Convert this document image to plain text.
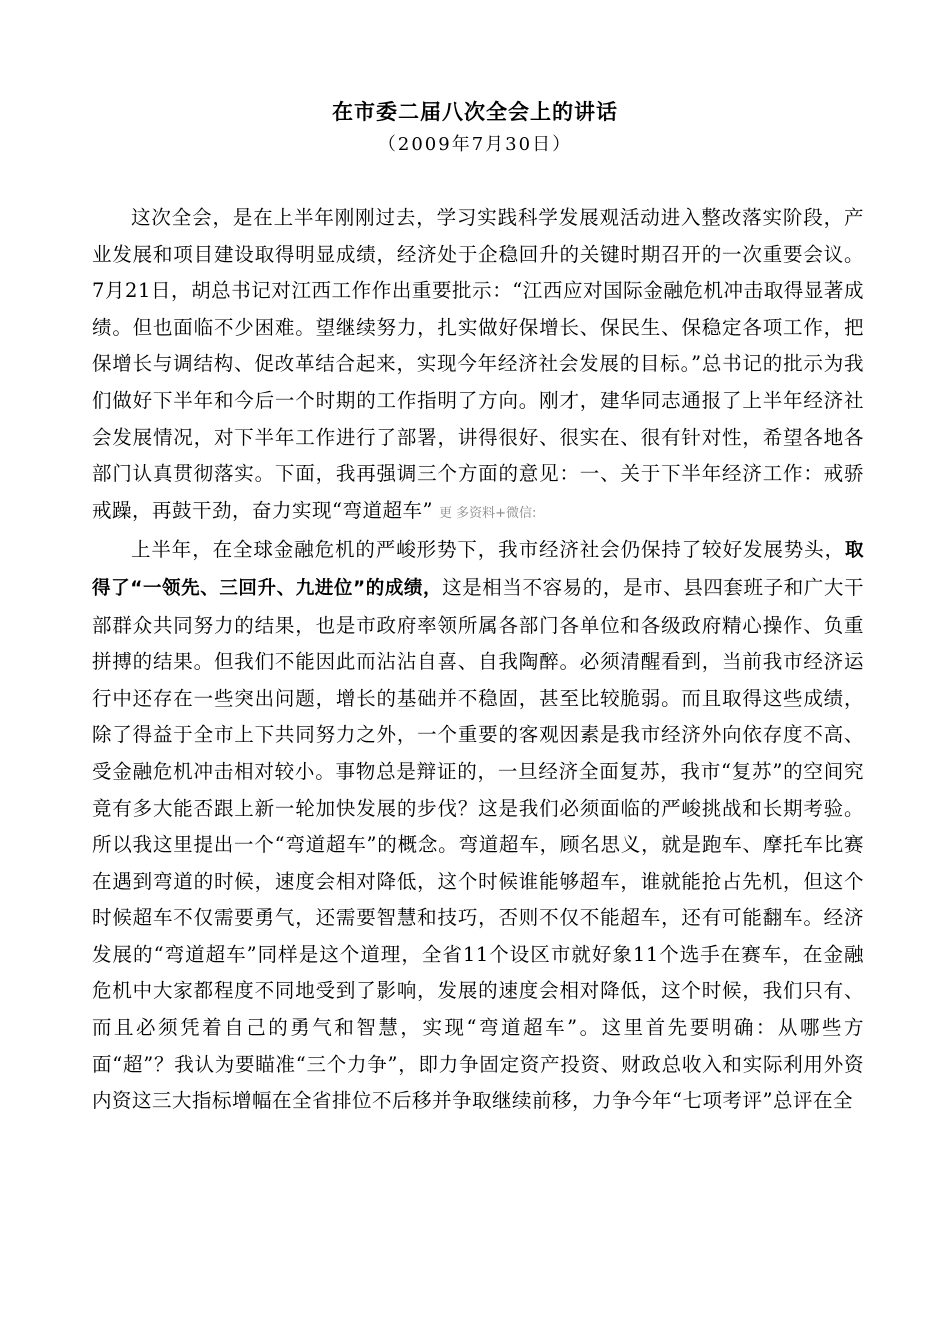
在市委二届八次全会上的讲话

（2009年7月30日）

这次全会，是在上半年刚刚过去，学习实践科学发展观活动进入整改落实阶段，产业发展和项目建设取得明显成绩，经济处于企稳回升的关键时期召开的一次重要会议。7月21日，胡总书记对江西工作作出重要批示：“江西应对国际金融危机冲击取得显著成绩。但也面临不少困难。望继续努力，扎实做好保增长、保民生、保稳定各项工作，把保增长与调结构、促改革结合起来，实现今年经济社会发展的目标。”总书记的批示为我们做好下半年和今后一个时期的工作指明了方向。刚才，建华同志通报了上半年经济社会发展情况，对下半年工作进行了部署，讲得很好、很实在、很有针对性，希望各地各部门认真贯彻落实。下面，我再强调三个方面的意见：一、关于下半年经济工作：戒骄戒躁，再鼓干劲，奋力实现“弯道超车” 更 多资料+微信:

上半年，在全球金融危机的严峻形势下，我市经济社会仍保持了较好发展势头，取得了“一领先、三回升、九进位”的成绩，这是相当不容易的，是市、县四套班子和广大干部群众共同努力的结果，也是市政府率领所属各部门各单位和各级政府精心操作、负重拼搏的结果。但我们不能因此而沾沾自喜、自我陶醉。必须清醒看到，当前我市经济运行中还存在一些突出问题，增长的基础并不稳固，甚至比较脆弱。而且取得这些成绩，除了得益于全市上下共同努力之外，一个重要的客观因素是我市经济外向依存度不高、受金融危机冲击相对较小。事物总是辩证的，一旦经济全面复苏，我市“复苏”的空间究竟有多大能否跟上新一轮加快发展的步伐？这是我们必须面临的严峻挑战和长期考验。所以我这里提出一个“弯道超车”的概念。弯道超车，顾名思义，就是跑车、摩托车比赛在遇到弯道的时候，速度会相对降低，这个时候谁能够超车，谁就能抢占先机，但这个时候超车不仅需要勇气，还需要智慧和技巧，否则不仅不能超车，还有可能翻车。经济发展的“弯道超车”同样是这个道理，全省11个设区市就好象11个选手在赛车，在金融危机中大家都程度不同地受到了影响，发展的速度会相对降低，这个时候，我们只有、而且必须凭着自己的勇气和智慧，实现“弯道超车”。这里首先要明确：从哪些方面“超”？我认为要瞄准“三个力争”，即力争固定资产投资、财政总收入和实际利用外资内资这三大指标增幅在全省排位不后移并争取继续前移，力争今年“七项考评”总评在全
